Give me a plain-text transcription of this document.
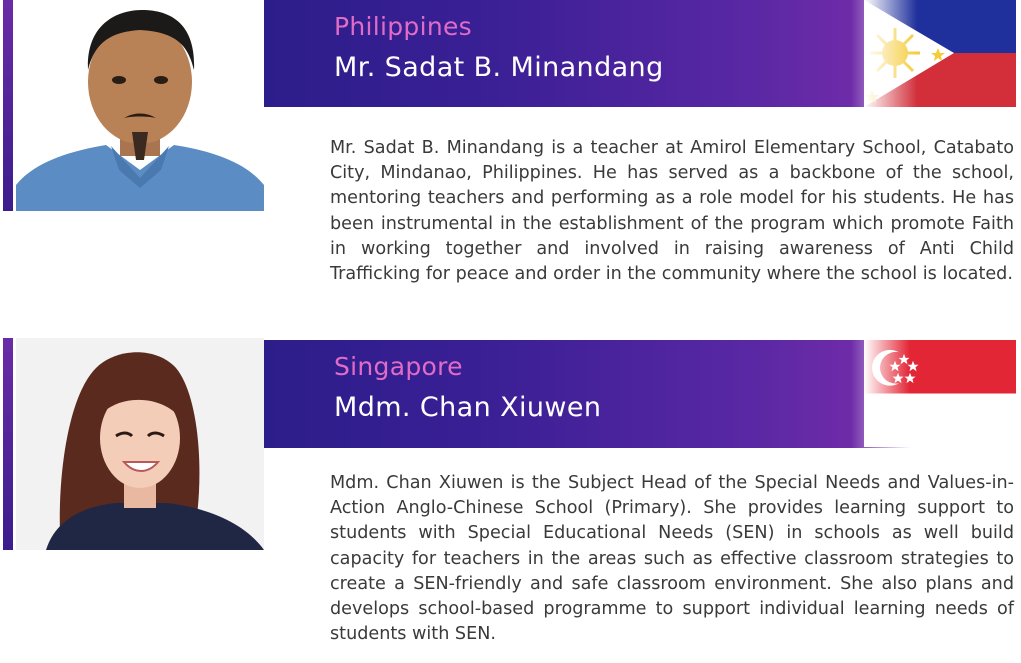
Philippines
Mr. Sadat B. Minandang

Mr. Sadat B. Minandang is a teacher at Amirol Elementary School, Catabato City, Mindanao, Philippines. He has served as a backbone of the school, mentoring teachers and performing as a role model for his students. He has been instrumental in the establishment of the program which promote Faith in working together and involved in raising awareness of Anti Child Trafficking for peace and order in the community where the school is located.

Singapore
Mdm. Chan Xiuwen

Mdm. Chan Xiuwen is the Subject Head of the Special Needs and Values-in-Action Anglo-Chinese School (Primary). She provides learning support to students with Special Educational Needs (SEN) in schools as well build capacity for teachers in the areas such as effective classroom strategies to create a SEN-friendly and safe classroom environment. She also plans and develops school-based programme to support individual learning needs of students with SEN.
